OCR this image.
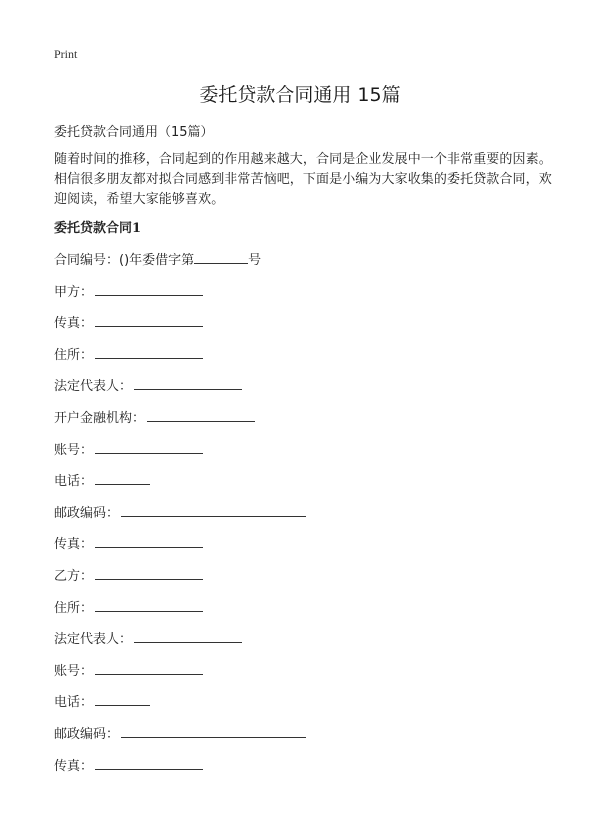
Print
委托贷款合同通用 15篇
委托贷款合同通用（15篇）

随着时间的推移，合同起到的作用越来越大，合同是企业发展中一个非常重要的因素。相信很多朋友都对拟合同感到非常苦恼吧，下面是小编为大家收集的委托贷款合同，欢迎阅读，希望大家能够喜欢。

委托贷款合同1
合同编号：()年委借字第	号
甲方：
传真：
住所：
法定代表人：
开户金融机构：
账号：
电话：
邮政编码：
传真：
乙方：
住所：
法定代表人：
账号：
电话：
邮政编码：
传真：
